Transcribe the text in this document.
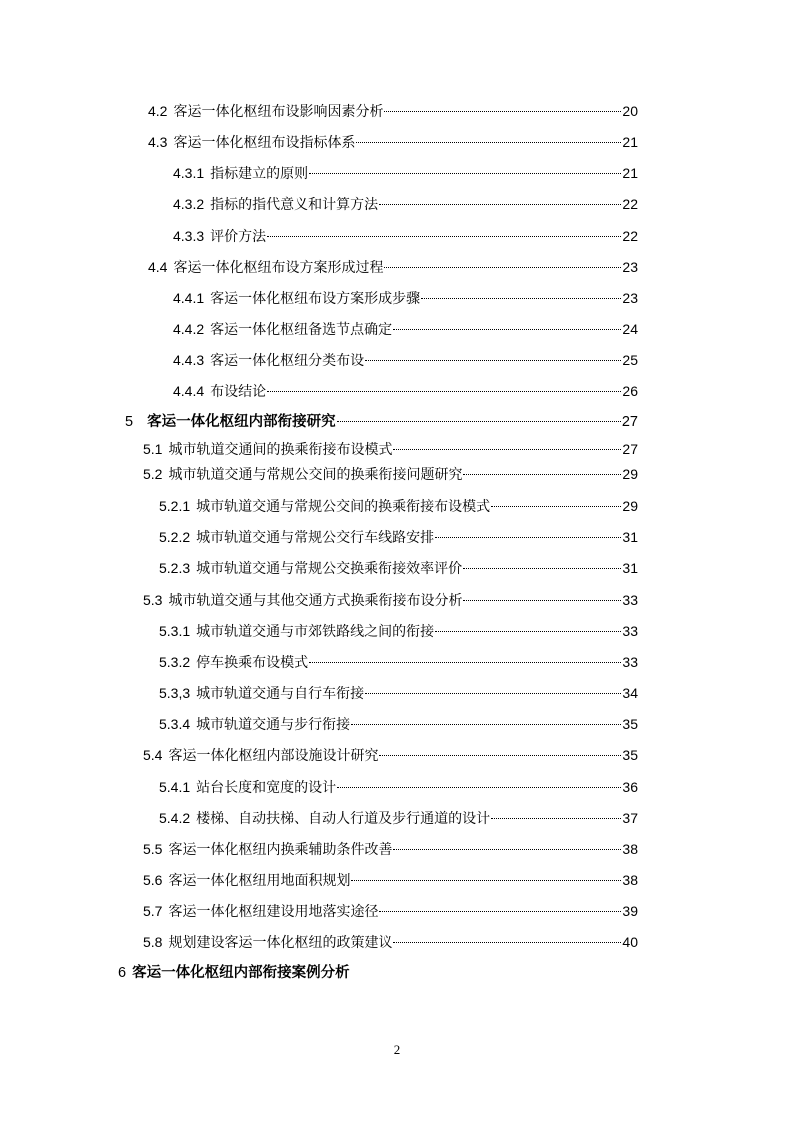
4.2 客运一体化枢纽布设影响因素分析	20
4.3 客运一体化枢纽布设指标体系	21
4.3.1 指标建立的原则	21
4.3.2 指标的指代意义和计算方法	22
4.3.3 评价方法	22
4.4 客运一体化枢纽布设方案形成过程	23
4.4.1 客运一体化枢纽布设方案形成步骤	23
4.4.2 客运一体化枢纽备选节点确定	24
4.4.3 客运一体化枢纽分类布设	25
4.4.4 布设结论	26
5 客运一体化枢纽内部衔接研究	27
5.1 城市轨道交通间的换乘衔接布设模式	27
5.2 城市轨道交通与常规公交间的换乘衔接问题研究	29
5.2.1 城市轨道交通与常规公交间的换乘衔接布设模式	29
5.2.2 城市轨道交通与常规公交行车线路安排	31
5.2.3 城市轨道交通与常规公交换乘衔接效率评价	31
5.3 城市轨道交通与其他交通方式换乘衔接布设分析	33
5.3.1 城市轨道交通与市郊铁路线之间的衔接	33
5.3.2 停车换乘布设模式	33
5.3,3 城市轨道交通与自行车衔接	34
5.3.4 城市轨道交通与步行衔接	35
5.4 客运一体化枢纽内部设施设计研究	35
5.4.1 站台长度和宽度的设计	36
5.4.2 楼梯、自动扶梯、自动人行道及步行通道的设计	37
5.5 客运一体化枢纽内换乘辅助条件改善	38
5.6 客运一体化枢纽用地面积规划	38
5.7 客运一体化枢纽建设用地落实途径	39
5.8 规划建设客运一体化枢纽的政策建议	40
6 客运一体化枢纽内部衔接案例分析
2
